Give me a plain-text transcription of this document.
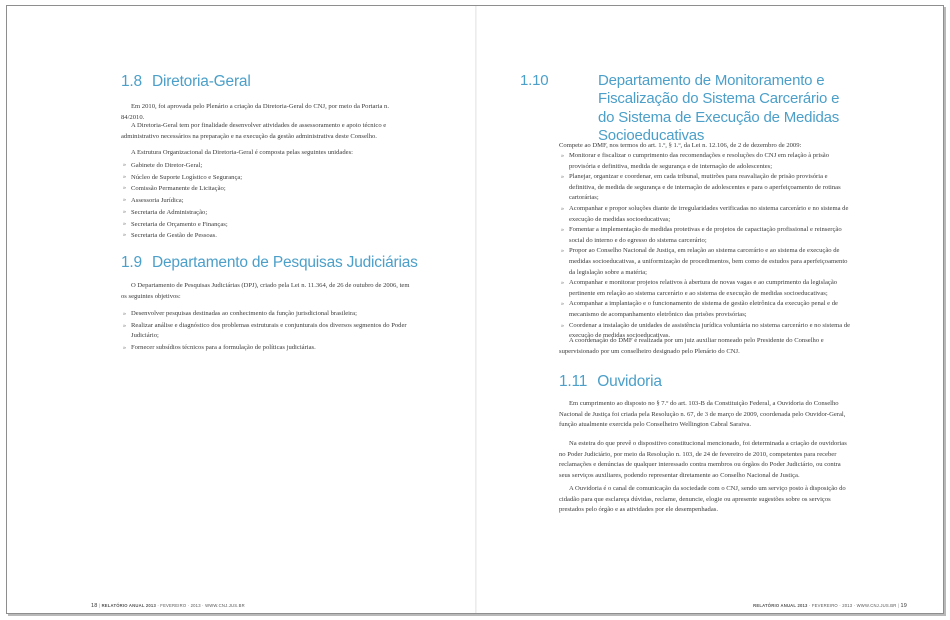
1.8 Diretoria-Geral
Em 2010, foi aprovada pelo Plenário a criação da Diretoria-Geral do CNJ, por meio da Portaria n. 84/2010.
A Diretoria-Geral tem por finalidade desenvolver atividades de assessoramento e apoio técnico e administrativo necessários na preparação e na execução da gestão administrativa deste Conselho.
A Estrutura Organizacional da Diretoria-Geral é composta pelas seguintes unidades:
» Gabinete do Diretor-Geral;
» Núcleo de Suporte Logístico e Segurança;
» Comissão Permanente de Licitação;
» Assessoria Jurídica;
» Secretaria de Administração;
» Secretaria de Orçamento e Finanças;
» Secretaria de Gestão de Pessoas.
1.9 Departamento de Pesquisas Judiciárias
O Departamento de Pesquisas Judiciárias (DPJ), criado pela Lei n. 11.364, de 26 de outubro de 2006, tem os seguintes objetivos:
» Desenvolver pesquisas destinadas ao conhecimento da função jurisdicional brasileira;
» Realizar análise e diagnóstico dos problemas estruturais e conjunturais dos diversos segmentos do Poder Judiciário;
» Fornecer subsídios técnicos para a formulação de políticas judiciárias.
18 | RELATÓRIO ANUAL 2013 · FEVEREIRO · 2013 · WWW.CNJ.JUS.BR
1.10	Departamento de Monitoramento e Fiscalização do Sistema Carcerário e do Sistema de Execução de Medidas Socioeducativas
Compete ao DMF, nos termos do art. 1.º, § 1.º, da Lei n. 12.106, de 2 de dezembro de 2009:
» Monitorar e fiscalizar o cumprimento das recomendações e resoluções do CNJ em relação à prisão provisória e definitiva, medida de segurança e de internação de adolescentes;
» Planejar, organizar e coordenar, em cada tribunal, mutirões para reavaliação de prisão provisória e definitiva, de medida de segurança e de internação de adolescentes e para o aperfeiçoamento de rotinas cartorárias;
» Acompanhar e propor soluções diante de irregularidades verificadas no sistema carcerário e no sistema de execução de medidas socioeducativas;
» Fomentar a implementação de medidas protetivas e de projetos de capacitação profissional e reinserção social do interno e do egresso do sistema carcerário;
» Propor ao Conselho Nacional de Justiça, em relação ao sistema carcerário e ao sistema de execução de medidas socioeducativas, a uniformização de procedimentos, bem como de estudos para aperfeiçoamento da legislação sobre a matéria;
» Acompanhar e monitorar projetos relativos à abertura de novas vagas e ao cumprimento da legislação pertinente em relação ao sistema carcerário e ao sistema de execução de medidas socioeducativas;
» Acompanhar a implantação e o funcionamento de sistema de gestão eletrônica da execução penal e de mecanismo de acompanhamento eletrônico das prisões provisórias;
» Coordenar a instalação de unidades de assistência jurídica voluntária no sistema carcerário e no sistema de execução de medidas socioeducativas.
A coordenação do DMF é realizada por um juiz auxiliar nomeado pelo Presidente do Conselho e supervisionado por um conselheiro designado pelo Plenário do CNJ.
1.11 Ouvidoria
Em cumprimento ao disposto no § 7.º do art. 103-B da Constituição Federal, a Ouvidoria do Conselho Nacional de Justiça foi criada pela Resolução n. 67, de 3 de março de 2009, coordenada pelo Ouvidor-Geral, função atualmente exercida pelo Conselheiro Wellington Cabral Saraiva.
Na esteira do que prevê o dispositivo constitucional mencionado, foi determinada a criação de ouvidorias no Poder Judiciário, por meio da Resolução n. 103, de 24 de fevereiro de 2010, competentes para receber reclamações e denúncias de qualquer interessado contra membros ou órgãos do Poder Judiciário, ou contra seus serviços auxiliares, podendo representar diretamente ao Conselho Nacional de Justiça.
A Ouvidoria é o canal de comunicação da sociedade com o CNJ, sendo um serviço posto à disposição do cidadão para que esclareça dúvidas, reclame, denuncie, elogie ou apresente sugestões sobre os serviços prestados pelo órgão e as atividades por ele desempenhadas.
RELATÓRIO ANUAL 2013 · FEVEREIRO · 2013 · WWW.CNJ.JUS.BR | 19
